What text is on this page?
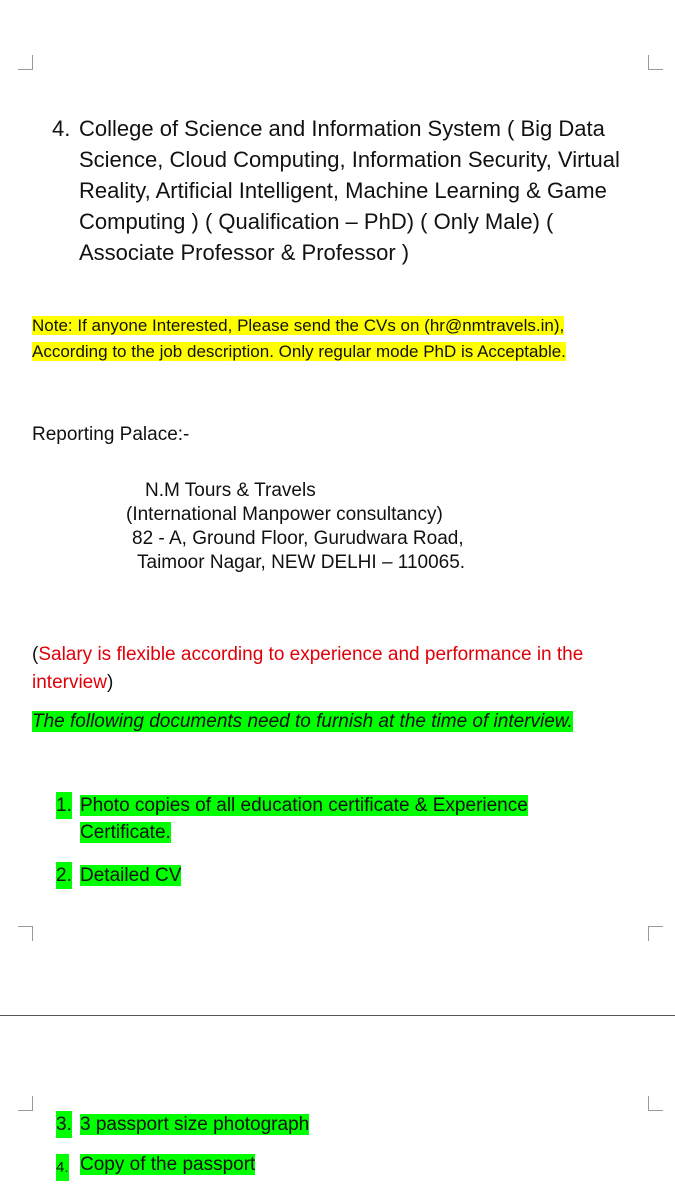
4. College of Science and Information System ( Big Data Science, Cloud Computing, Information Security, Virtual Reality, Artificial Intelligent, Machine Learning & Game Computing ) ( Qualification – PhD) ( Only Male) ( Associate Professor & Professor )
Note: If anyone Interested, Please send the CVs on (hr@nmtravels.in), According to the job description. Only regular mode PhD is Acceptable.
Reporting Palace:-
N.M Tours & Travels
(International Manpower consultancy)
82 - A, Ground Floor, Gurudwara Road,
Taimoor Nagar, NEW DELHI – 110065.
(Salary is flexible according to experience and performance in the interview)
The following documents need to furnish at the time of interview.
1. Photo copies of all education certificate & Experience Certificate.
2. Detailed CV
3. 3 passport size photograph
4. Copy of the passport
